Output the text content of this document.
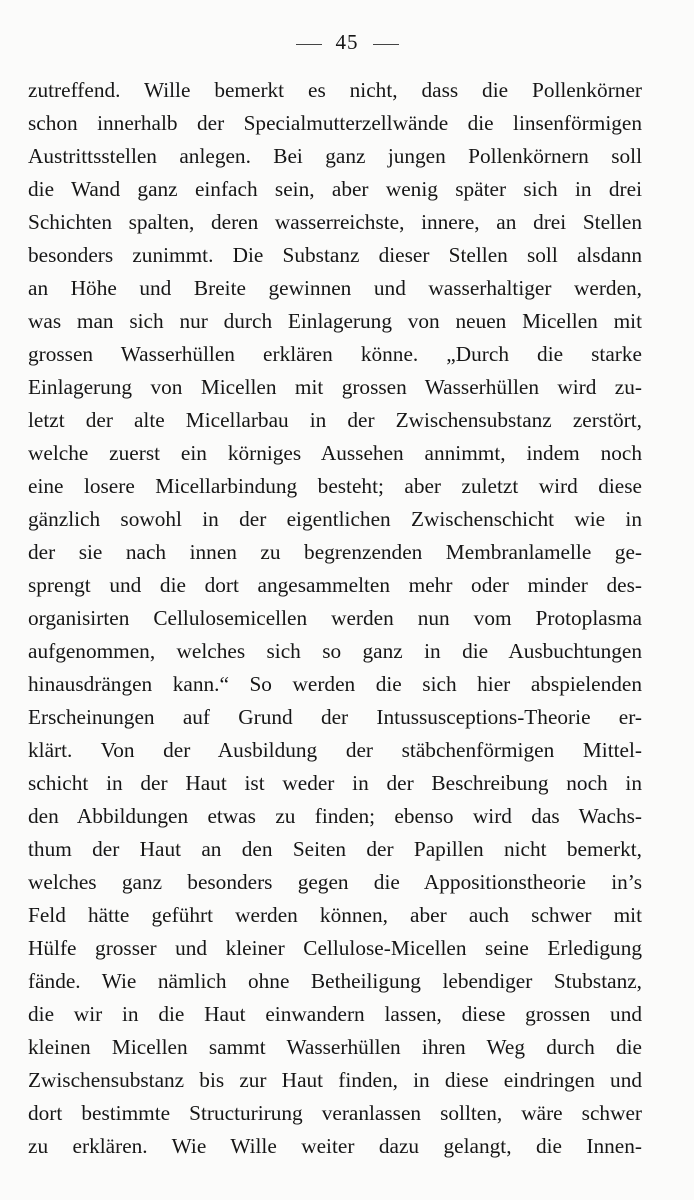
45
zutreffend. Wille bemerkt es nicht, dass die Pollenkörner
schon innerhalb der Specialmutterzellwände die linsenförmigen
Austrittsstellen anlegen. Bei ganz jungen Pollenkörnern soll
die Wand ganz einfach sein, aber wenig später sich in drei
Schichten spalten, deren wasserreichste, innere, an drei Stellen
besonders zunimmt. Die Substanz dieser Stellen soll alsdann
an Höhe und Breite gewinnen und wasserhaltiger werden,
was man sich nur durch Einlagerung von neuen Micellen mit
grossen Wasserhüllen erklären könne. „Durch die starke
Einlagerung von Micellen mit grossen Wasserhüllen wird zu-
letzt der alte Micellarbau in der Zwischensubstanz zerstört,
welche zuerst ein körniges Aussehen annimmt, indem noch
eine losere Micellarbindung besteht; aber zuletzt wird diese
gänzlich sowohl in der eigentlichen Zwischenschicht wie in
der sie nach innen zu begrenzenden Membranlamelle ge-
sprengt und die dort angesammelten mehr oder minder des-
organisirten Cellulosemicellen werden nun vom Protoplasma
aufgenommen, welches sich so ganz in die Ausbuchtungen
hinausdrängen kann.“ So werden die sich hier abspielenden
Erscheinungen auf Grund der Intussusceptions-Theorie er-
klärt. Von der Ausbildung der stäbchenförmigen Mittel-
schicht in der Haut ist weder in der Beschreibung noch in
den Abbildungen etwas zu finden; ebenso wird das Wachs-
thum der Haut an den Seiten der Papillen nicht bemerkt,
welches ganz besonders gegen die Appositionstheorie in’s
Feld hätte geführt werden können, aber auch schwer mit
Hülfe grosser und kleiner Cellulose-Micellen seine Erledigung
fände. Wie nämlich ohne Betheiligung lebendiger Stubstanz,
die wir in die Haut einwandern lassen, diese grossen und
kleinen Micellen sammt Wasserhüllen ihren Weg durch die
Zwischensubstanz bis zur Haut finden, in diese eindringen und
dort bestimmte Structurirung veranlassen sollten, wäre schwer
zu erklären. Wie Wille weiter dazu gelangt, die Innen-
